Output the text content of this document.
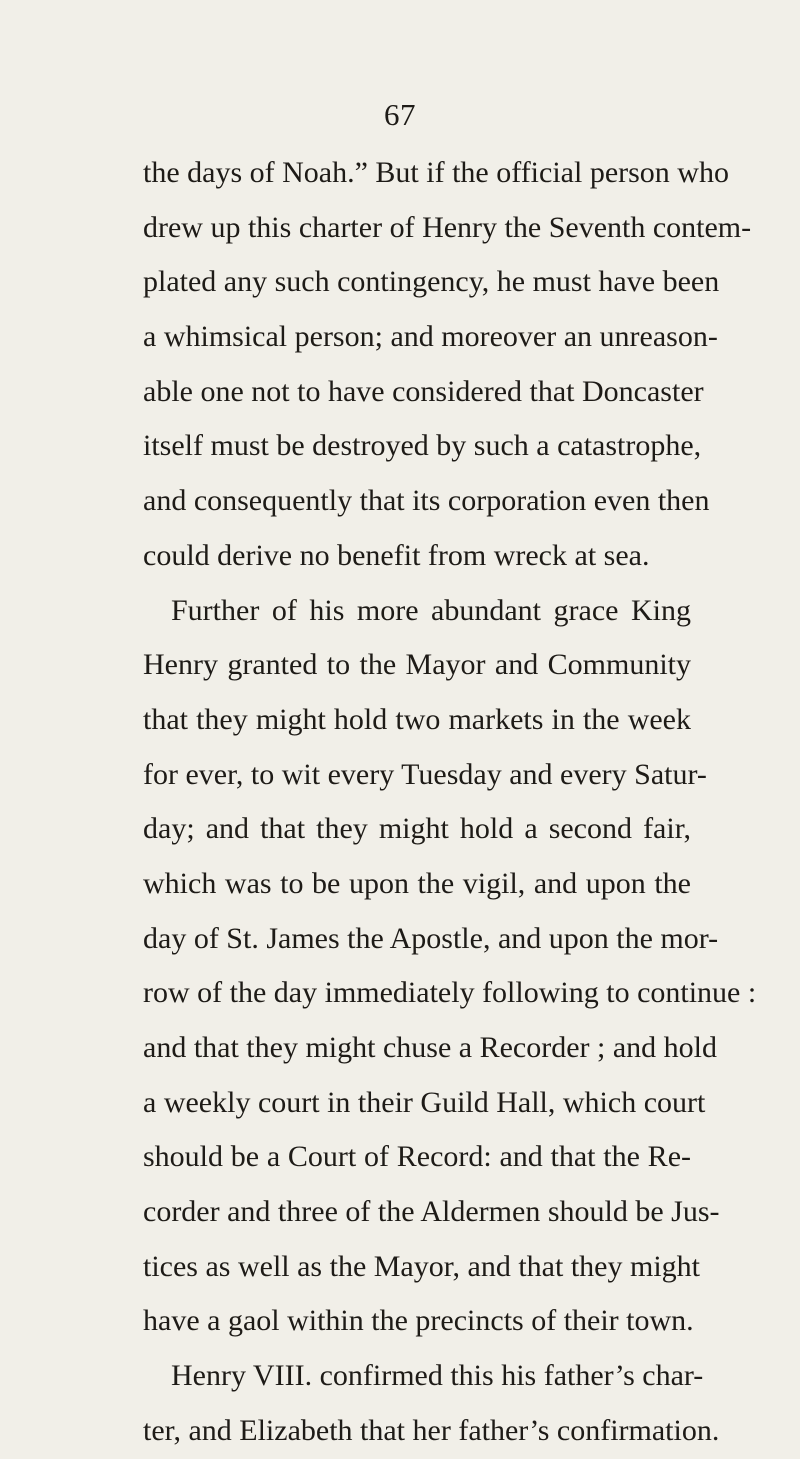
67
the days of Noah.” But if the official person who
drew up this charter of Henry the Seventh contem-
plated any such contingency, he must have been
a whimsical person; and moreover an unreason-
able one not to have considered that Doncaster
itself must be destroyed by such a catastrophe,
and consequently that its corporation even then
could derive no benefit from wreck at sea.
Further of his more abundant grace King
Henry granted to the Mayor and Community
that they might hold two markets in the week
for ever, to wit every Tuesday and every Satur-
day; and that they might hold a second fair,
which was to be upon the vigil, and upon the
day of St. James the Apostle, and upon the mor-
row of the day immediately following to continue :
and that they might chuse a Recorder ; and hold
a weekly court in their Guild Hall, which court
should be a Court of Record: and that the Re-
corder and three of the Aldermen should be Jus-
tices as well as the Mayor, and that they might
have a gaol within the precincts of their town.
Henry VIII. confirmed this his father’s char-
ter, and Elizabeth that her father’s confirmation.
